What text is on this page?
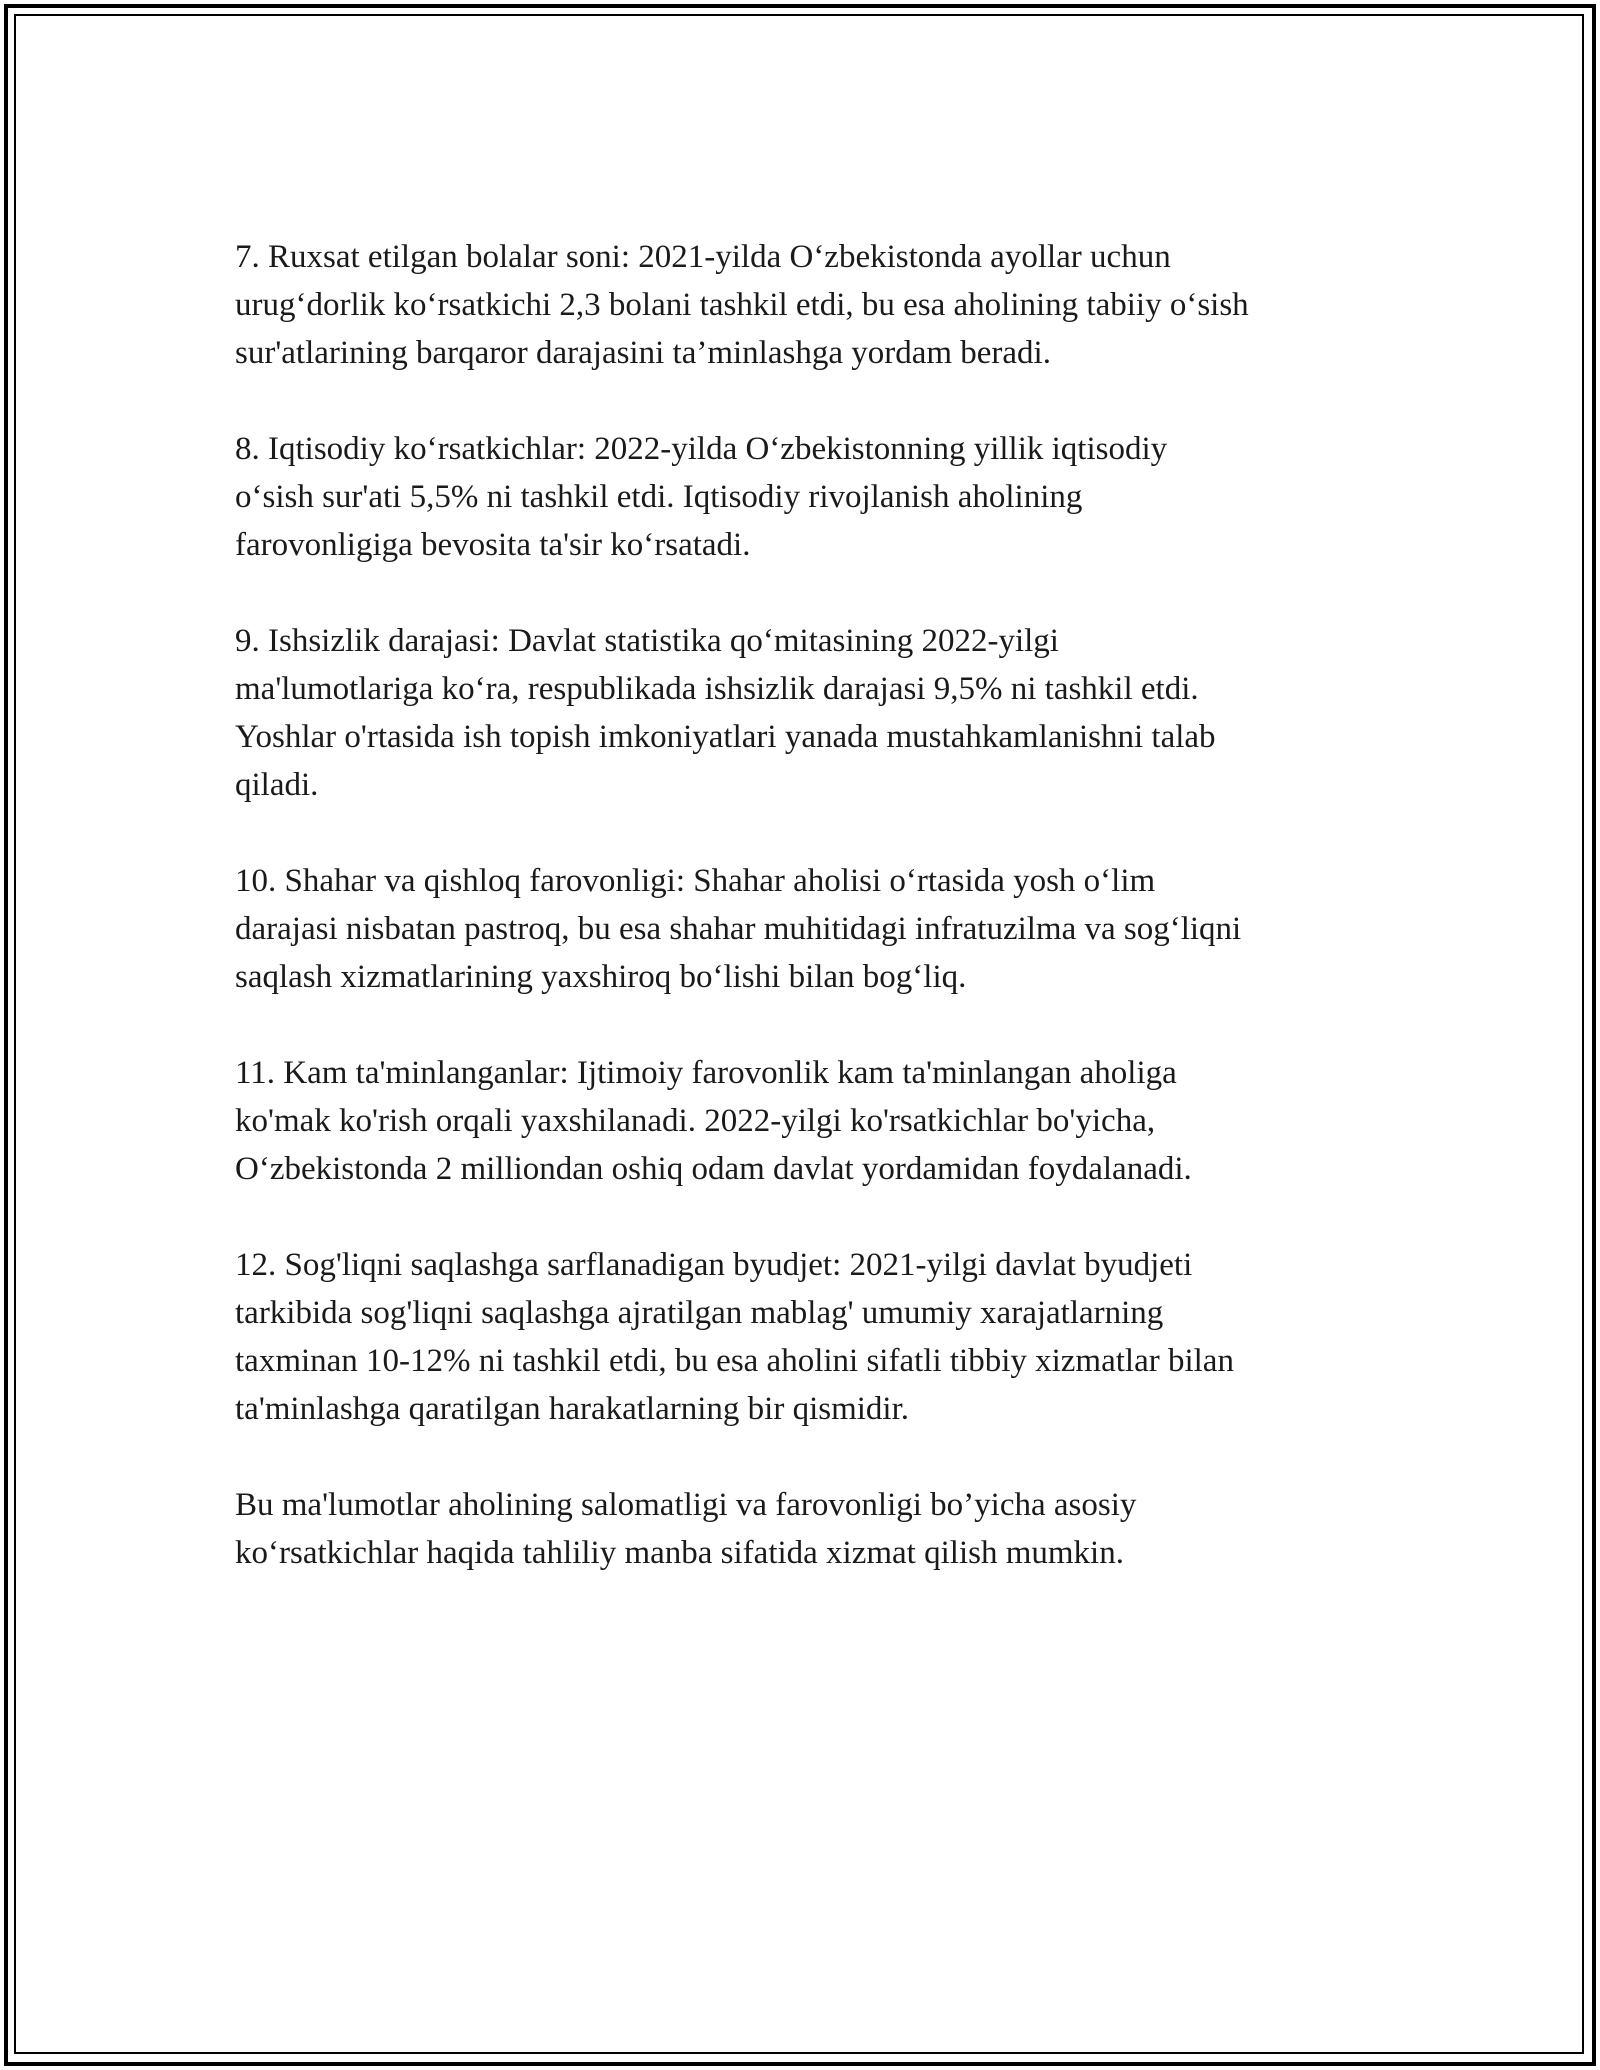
7. Ruxsat etilgan bolalar soni: 2021-yilda O‘zbekistonda ayollar uchun
urug‘dorlik ko‘rsatkichi 2,3 bolani tashkil etdi, bu esa aholining tabiiy o‘sish
sur'atlarining barqaror darajasini ta’minlashga yordam beradi.

8. Iqtisodiy ko‘rsatkichlar: 2022-yilda O‘zbekistonning yillik iqtisodiy
o‘sish sur'ati 5,5% ni tashkil etdi. Iqtisodiy rivojlanish aholining
farovonligiga bevosita ta'sir ko‘rsatadi.

9. Ishsizlik darajasi: Davlat statistika qo‘mitasining 2022-yilgi
ma'lumotlariga ko‘ra, respublikada ishsizlik darajasi 9,5% ni tashkil etdi.
Yoshlar o'rtasida ish topish imkoniyatlari yanada mustahkamlanishni talab
qiladi.

10. Shahar va qishloq farovonligi: Shahar aholisi o‘rtasida yosh o‘lim
darajasi nisbatan pastroq, bu esa shahar muhitidagi infratuzilma va sog‘liqni
saqlash xizmatlarining yaxshiroq bo‘lishi bilan bog‘liq.

11. Kam ta'minlanganlar: Ijtimoiy farovonlik kam ta'minlangan aholiga
ko'mak ko'rish orqali yaxshilanadi. 2022-yilgi ko'rsatkichlar bo'yicha,
O‘zbekistonda 2 milliondan oshiq odam davlat yordamidan foydalanadi.

12. Sog'liqni saqlashga sarflanadigan byudjet: 2021-yilgi davlat byudjeti
tarkibida sog'liqni saqlashga ajratilgan mablag' umumiy xarajatlarning
taxminan 10-12% ni tashkil etdi, bu esa aholini sifatli tibbiy xizmatlar bilan
ta'minlashga qaratilgan harakatlarning bir qismidir.

Bu ma'lumotlar aholining salomatligi va farovonligi bo’yicha asosiy
ko‘rsatkichlar haqida tahliliy manba sifatida xizmat qilish mumkin.
